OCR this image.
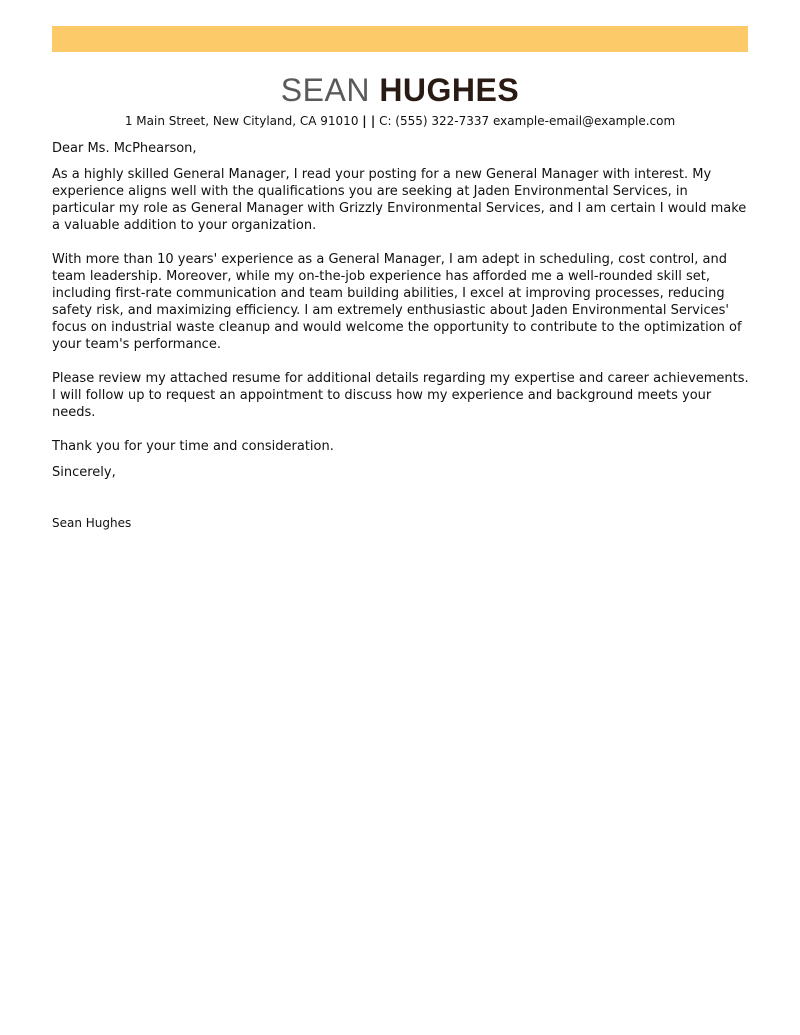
SEAN HUGHES
1 Main Street, New Cityland, CA 91010 | | C: (555) 322-7337 example-email@example.com

Dear Ms. McPhearson,

As a highly skilled General Manager, I read your posting for a new General Manager with interest. My experience aligns well with the qualifications you are seeking at Jaden Environmental Services, in particular my role as General Manager with Grizzly Environmental Services, and I am certain I would make a valuable addition to your organization.

With more than 10 years' experience as a General Manager, I am adept in scheduling, cost control, and team leadership. Moreover, while my on-the-job experience has afforded me a well-rounded skill set, including first-rate communication and team building abilities, I excel at improving processes, reducing safety risk, and maximizing efficiency. I am extremely enthusiastic about Jaden Environmental Services' focus on industrial waste cleanup and would welcome the opportunity to contribute to the optimization of your team's performance.

Please review my attached resume for additional details regarding my expertise and career achievements. I will follow up to request an appointment to discuss how my experience and background meets your needs.

Thank you for your time and consideration.

Sincerely,

Sean Hughes
